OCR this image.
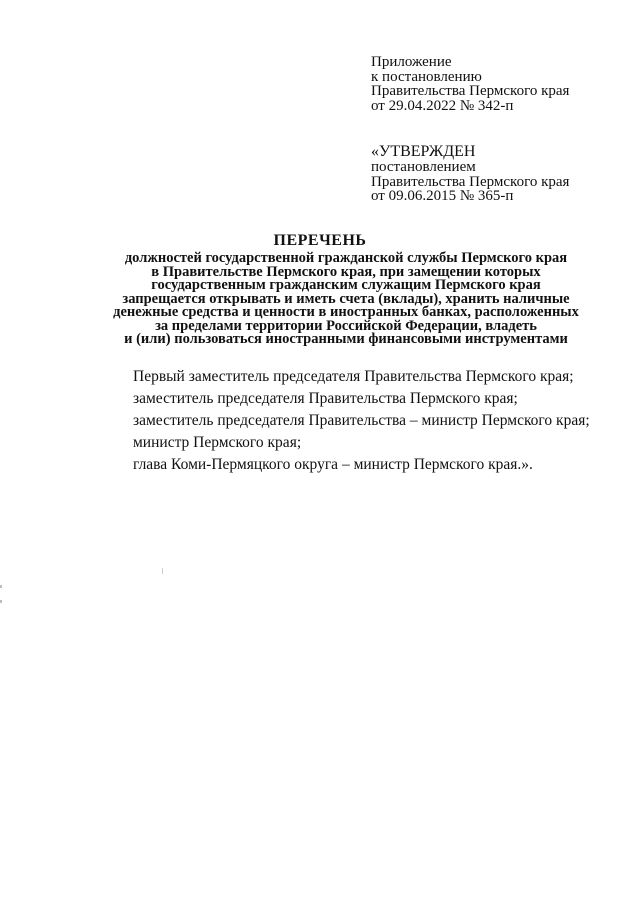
Приложение
к постановлению
Правительства Пермского края
от 29.04.2022 № 342-п
«УТВЕРЖДЕН
постановлением
Правительства Пермского края
от 09.06.2015 № 365-п
ПЕРЕЧЕНЬ
должностей государственной гражданской службы Пермского края
в Правительстве Пермского края, при замещении которых
государственным гражданским служащим Пермского края
запрещается открывать и иметь счета (вклады), хранить наличные
денежные средства и ценности в иностранных банках, расположенных
за пределами территории Российской Федерации, владеть
и (или) пользоваться иностранными финансовыми инструментами
Первый заместитель председателя Правительства Пермского края;
заместитель председателя Правительства Пермского края;
заместитель председателя Правительства – министр Пермского края;
министр Пермского края;
глава Коми-Пермяцкого округа – министр Пермского края.».
